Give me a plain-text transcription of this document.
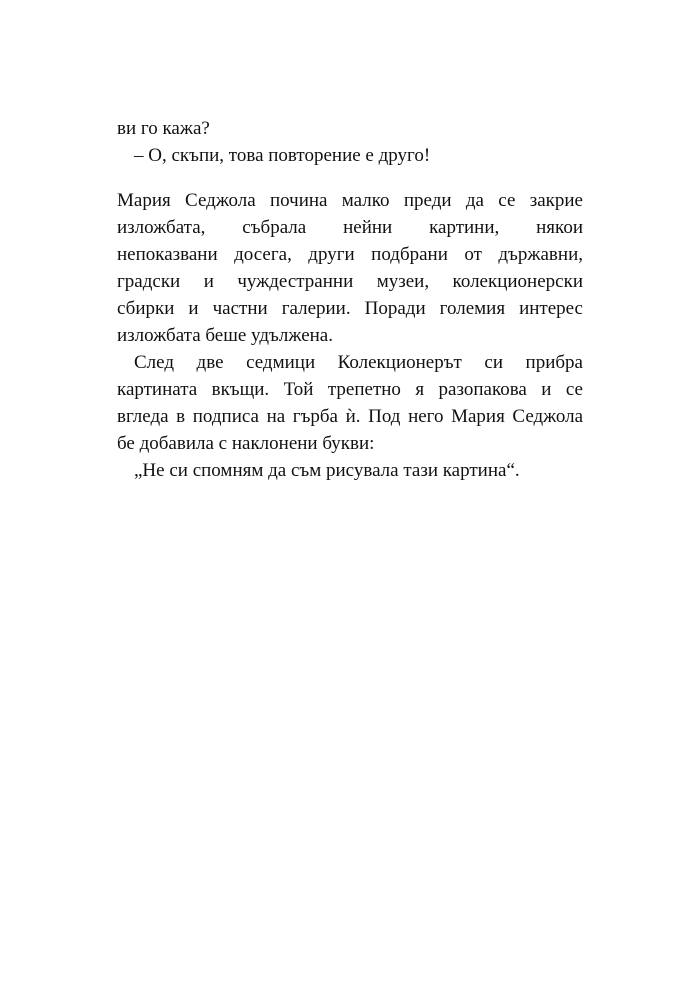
ви го кажа?
– О, скъпи, това повторение е друго!
Мария Седжола почина малко преди да се закрие
изложбата, събрала нейни картини, някои
непоказвани досега, други подбрани от държавни,
градски и чуждестранни музеи, колекционерски
сбирки и частни галерии. Поради големия интерес
изложбата беше удължена.
След две седмици Колекционерът си прибра
картината вкъщи. Той трепетно я разопакова и се
вгледа в подписа на гърба ѝ. Под него Мария Седжола
бе добавила с наклонени букви:
„Не си спомням да съм рисувала тази картина“.
